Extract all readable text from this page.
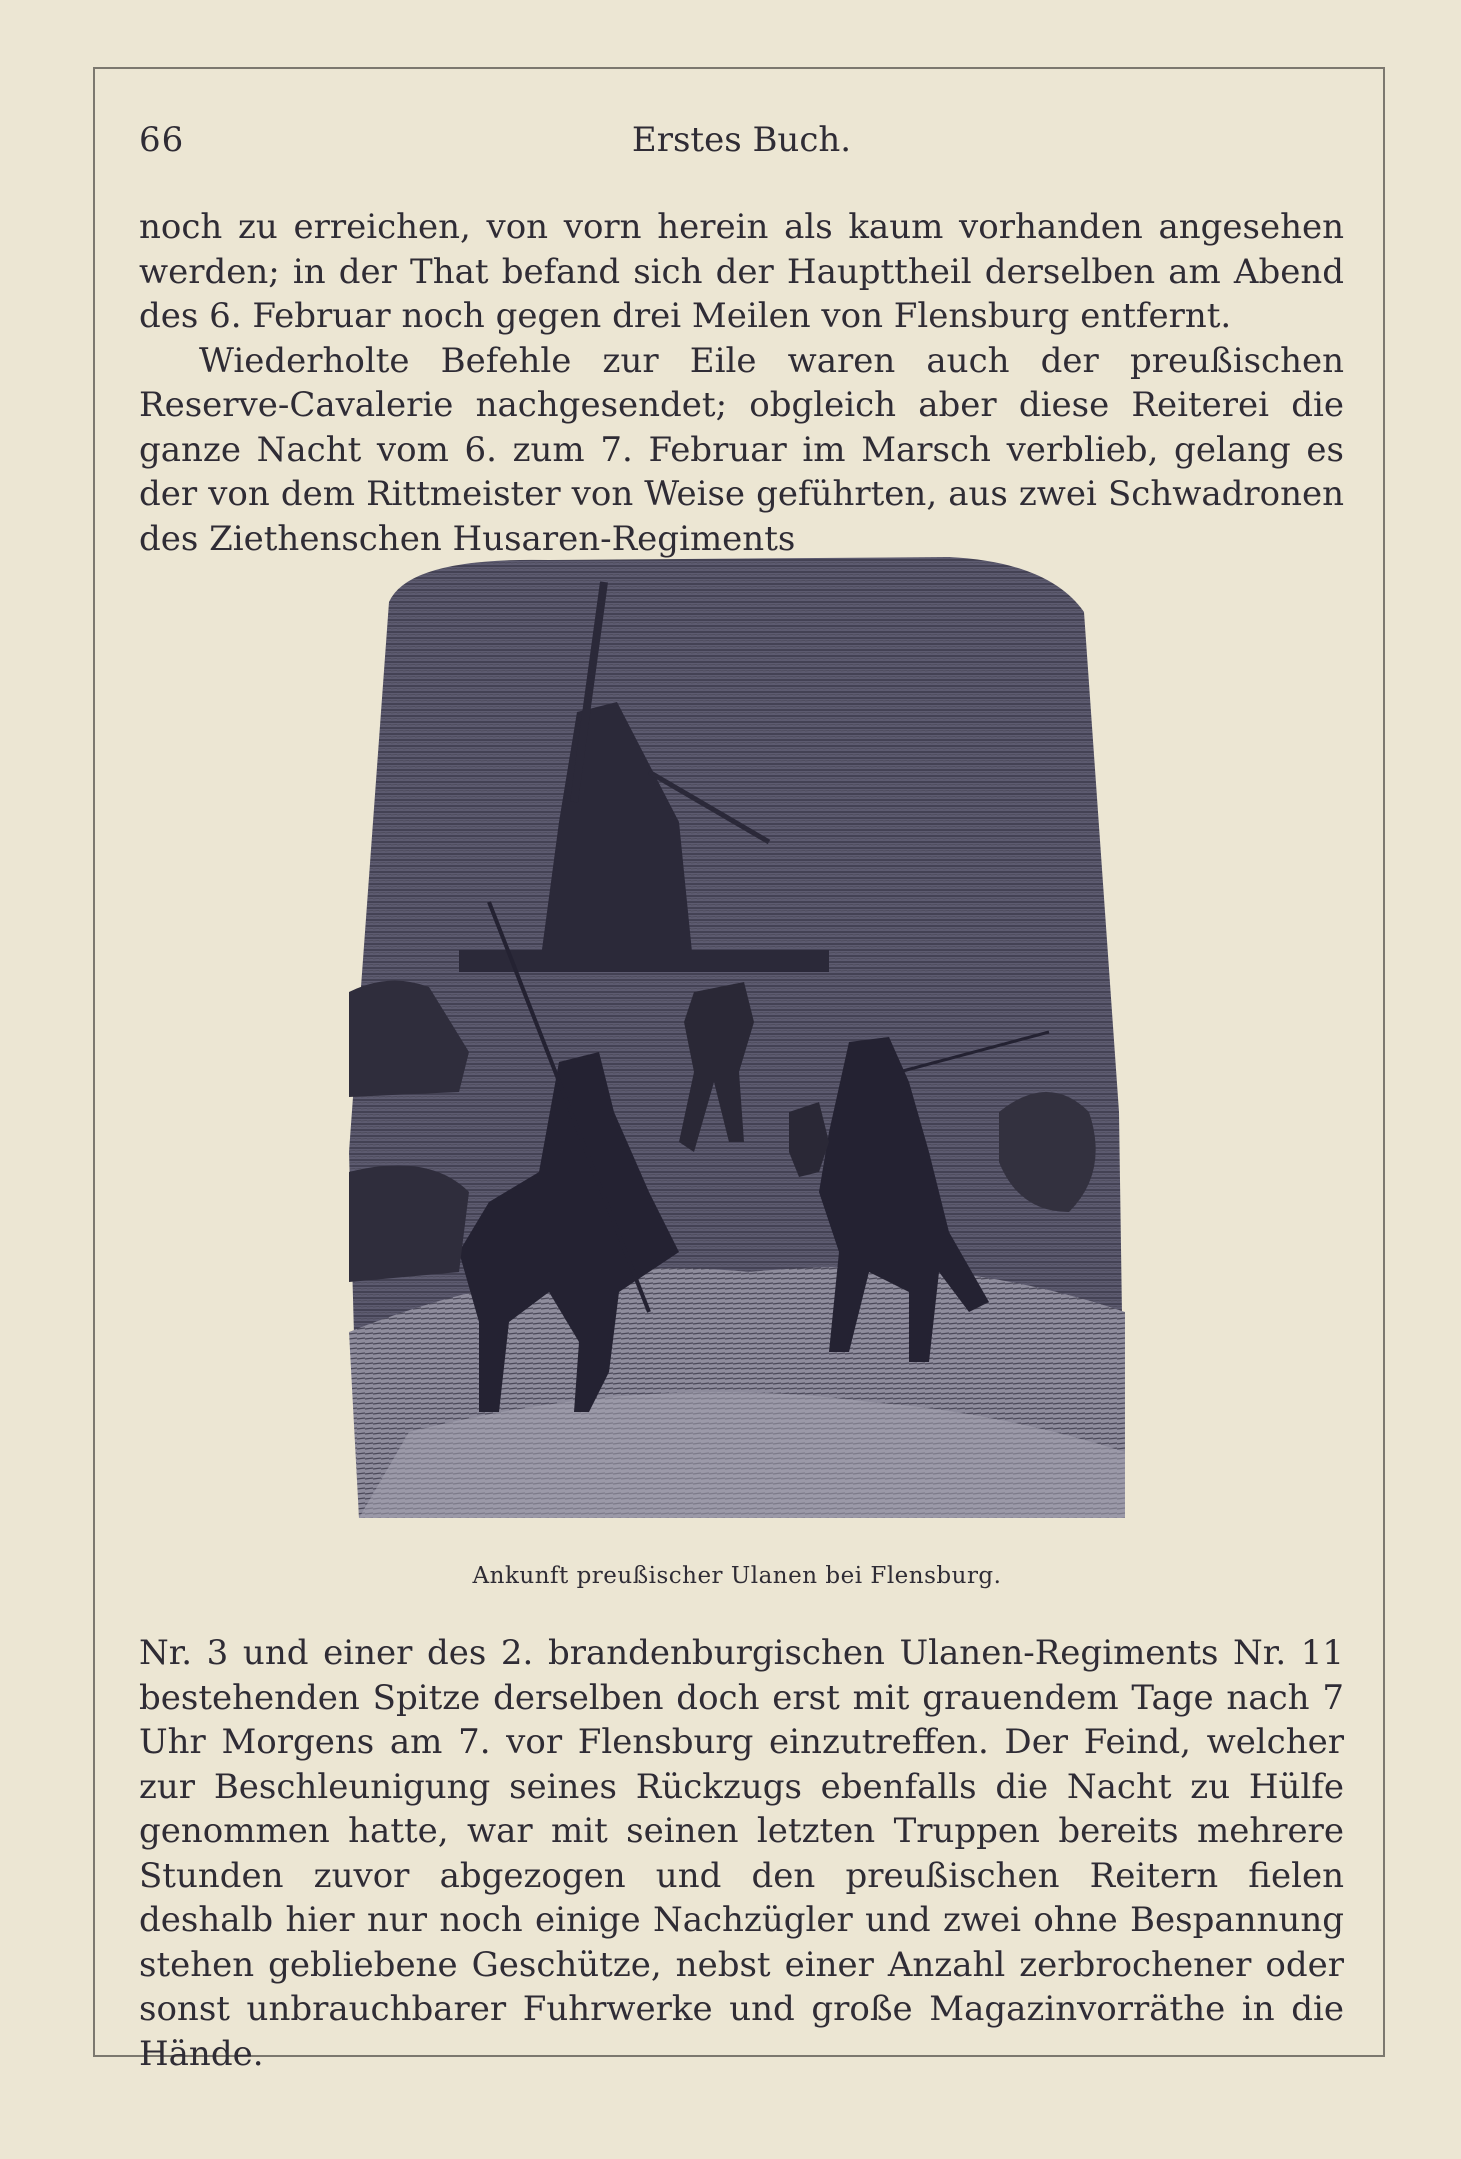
66	Erstes Buch.

noch zu erreichen, von vorn herein als kaum vorhanden angesehen werden; in der That befand sich der Haupttheil derselben am Abend des 6. Februar noch gegen drei Meilen von Flensburg entfernt.

Wiederholte Befehle zur Eile waren auch der preußischen Reserve-Cavalerie nachgesendet; obgleich aber diese Reiterei die ganze Nacht vom 6. zum 7. Februar im Marsch verblieb, gelang es der von dem Rittmeister von Weise geführten, aus zwei Schwadronen des Ziethenschen Husaren-Regiments

Ankunft preußischer Ulanen bei Flensburg.

Nr. 3 und einer des 2. brandenburgischen Ulanen-Regiments Nr. 11 bestehenden Spitze derselben doch erst mit grauendem Tage nach 7 Uhr Morgens am 7. vor Flensburg einzutreffen. Der Feind, welcher zur Beschleunigung seines Rückzugs ebenfalls die Nacht zu Hülfe genommen hatte, war mit seinen letzten Truppen bereits mehrere Stunden zuvor abgezogen und den preußischen Reitern fielen deshalb hier nur noch einige Nachzügler und zwei ohne Bespannung stehen gebliebene Geschütze, nebst einer Anzahl zerbrochener oder sonst unbrauchbarer Fuhrwerke und große Magazinvorräthe in die Hände.
